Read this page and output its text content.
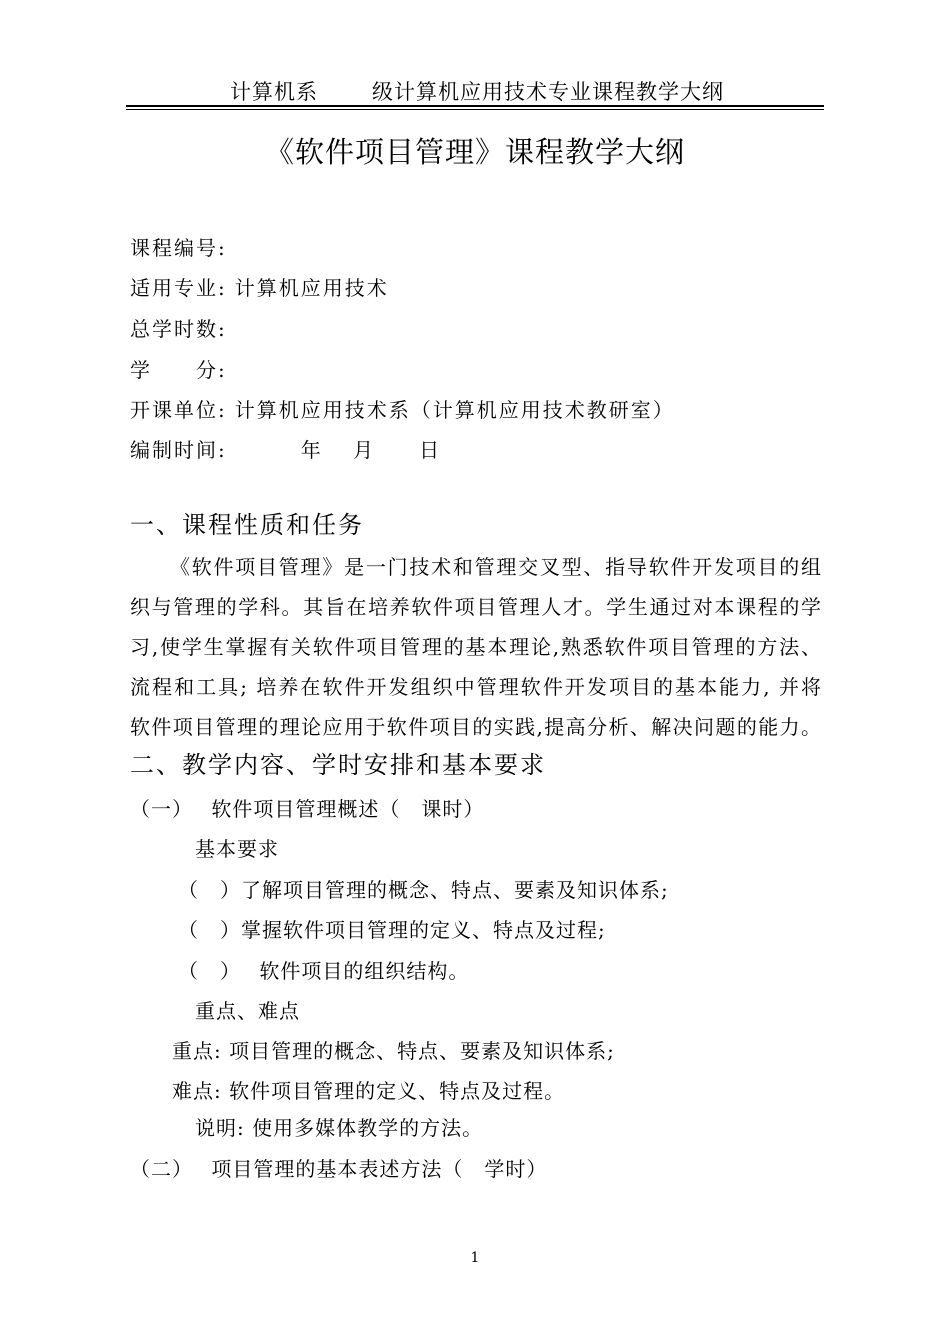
计算机系	级计算机应用技术专业课程教学大纲
《软件项目管理》课程教学大纲
课程编号:
适用专业: 计算机应用技术
总学时数:
学　　分:
开课单位: 计算机应用技术系（计算机应用技术教研室）
编制时间:　　　年　 月　　日
一、课程性质和任务
《软件项目管理》是一门技术和管理交叉型、指导软件开发项目的组
织与管理的学科。其旨在培养软件项目管理人才。学生通过对本课程的学
习,使学生掌握有关软件项目管理的基本理论,熟悉软件项目管理的方法、
流程和工具; 培养在软件开发组织中管理软件开发项目的基本能力, 并将
软件项目管理的理论应用于软件项目的实践,提高分析、解决问题的能力。
二、教学内容、学时安排和基本要求
（一）　 软件项目管理概述（　课时）
基本要求
（　）了解项目管理的概念、特点、要素及知识体系;
（　）掌握软件项目管理的定义、特点及过程;
（　）　 软件项目的组织结构。
重点、难点
重点: 项目管理的概念、特点、要素及知识体系;
难点: 软件项目管理的定义、特点及过程。
说明: 使用多媒体教学的方法。
（二）　 项目管理的基本表述方法（　学时）
1
